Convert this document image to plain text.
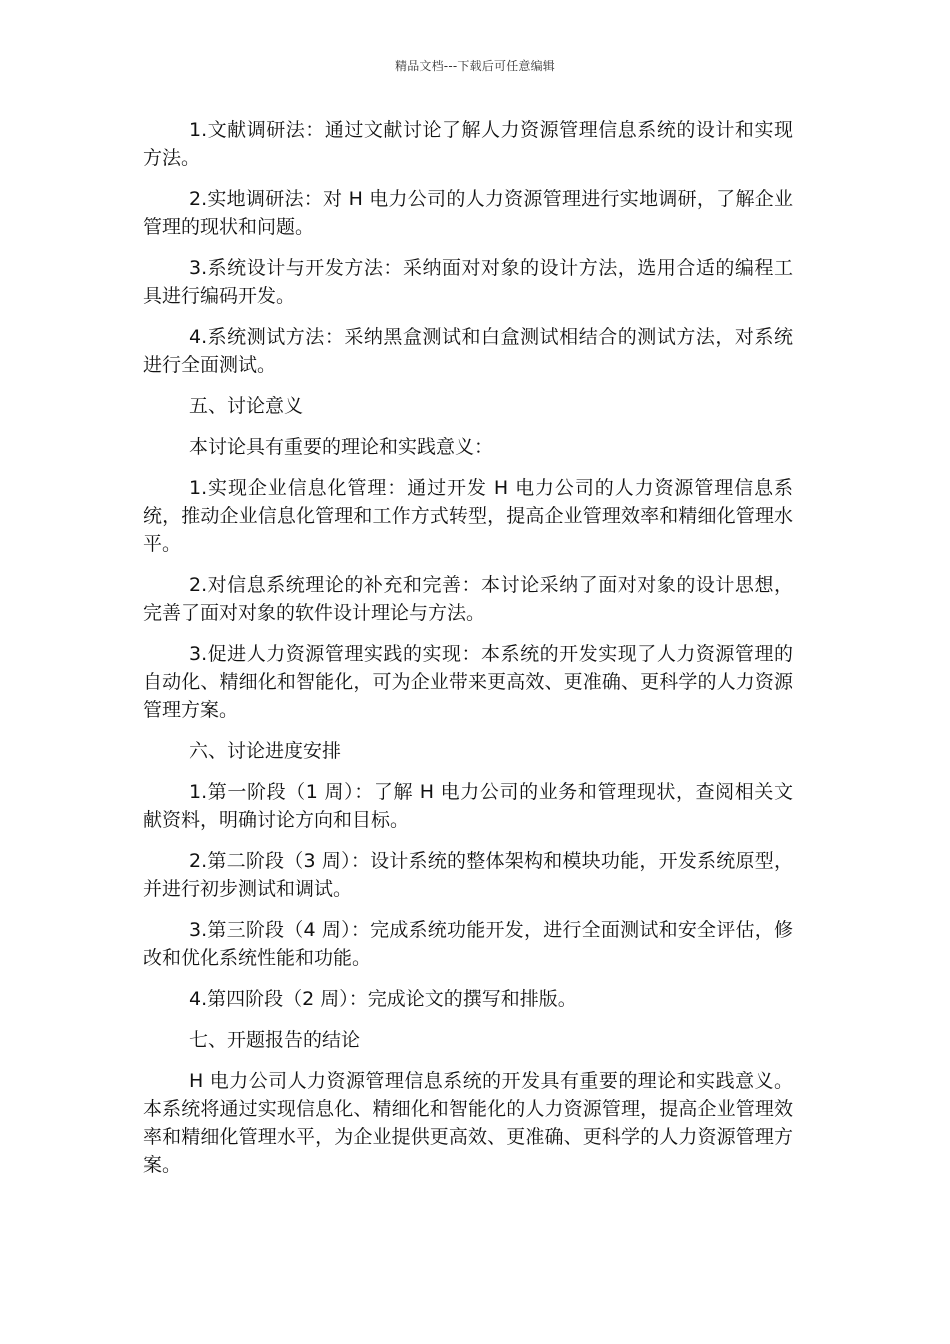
精品文档---下载后可任意编辑

1.文献调研法：通过文献讨论了解人力资源管理信息系统的设计和实现方法。

2.实地调研法：对 H 电力公司的人力资源管理进行实地调研，了解企业管理的现状和问题。

3.系统设计与开发方法：采纳面对对象的设计方法，选用合适的编程工具进行编码开发。

4.系统测试方法：采纳黑盒测试和白盒测试相结合的测试方法，对系统进行全面测试。

五、讨论意义

本讨论具有重要的理论和实践意义：

1.实现企业信息化管理：通过开发 H 电力公司的人力资源管理信息系统，推动企业信息化管理和工作方式转型，提高企业管理效率和精细化管理水平。

2.对信息系统理论的补充和完善：本讨论采纳了面对对象的设计思想，完善了面对对象的软件设计理论与方法。

3.促进人力资源管理实践的实现：本系统的开发实现了人力资源管理的自动化、精细化和智能化，可为企业带来更高效、更准确、更科学的人力资源管理方案。

六、讨论进度安排

1.第一阶段（1 周）：了解 H 电力公司的业务和管理现状，查阅相关文献资料，明确讨论方向和目标。

2.第二阶段（3 周）：设计系统的整体架构和模块功能，开发系统原型，并进行初步测试和调试。

3.第三阶段（4 周）：完成系统功能开发，进行全面测试和安全评估，修改和优化系统性能和功能。

4.第四阶段（2 周）：完成论文的撰写和排版。

七、开题报告的结论

H 电力公司人力资源管理信息系统的开发具有重要的理论和实践意义。本系统将通过实现信息化、精细化和智能化的人力资源管理，提高企业管理效率和精细化管理水平，为企业提供更高效、更准确、更科学的人力资源管理方案。
